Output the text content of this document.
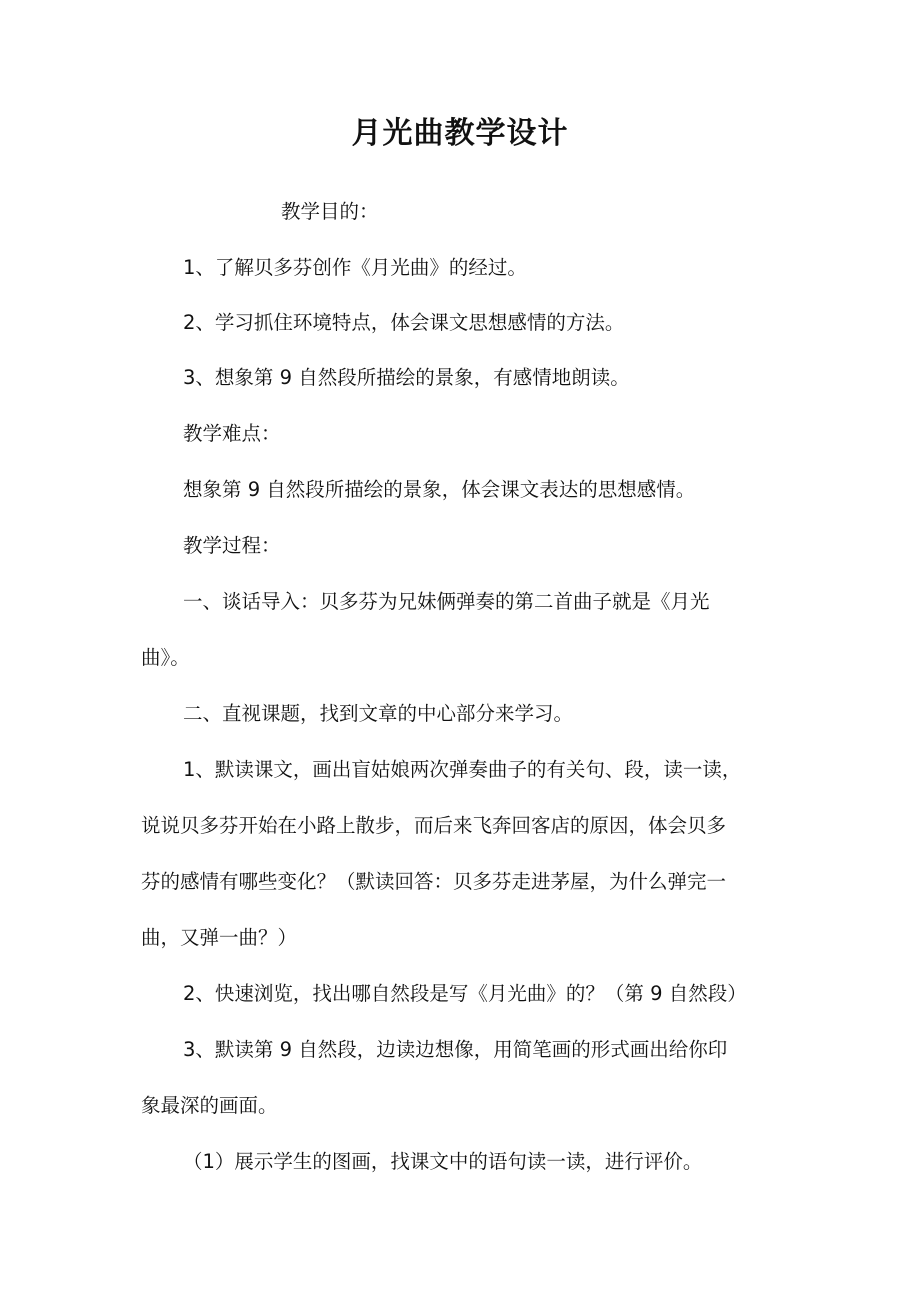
月光曲教学设计
教学目的：
1、了解贝多芬创作《月光曲》的经过。
2、学习抓住环境特点，体会课文思想感情的方法。
3、想象第 9 自然段所描绘的景象，有感情地朗读。
教学难点：
想象第 9 自然段所描绘的景象，体会课文表达的思想感情。
教学过程：
一、谈话导入：贝多芬为兄妹俩弹奏的第二首曲子就是《月光
曲》。
二、直视课题，找到文章的中心部分来学习。
1、默读课文，画出盲姑娘两次弹奏曲子的有关句、段，读一读，
说说贝多芬开始在小路上散步，而后来飞奔回客店的原因，体会贝多
芬的感情有哪些变化？（默读回答：贝多芬走进茅屋，为什么弹完一
曲，又弹一曲？）
2、快速浏览，找出哪自然段是写《月光曲》的？（第 9 自然段）
3、默读第 9 自然段，边读边想像，用简笔画的形式画出给你印
象最深的画面。
（1）展示学生的图画，找课文中的语句读一读，进行评价。
